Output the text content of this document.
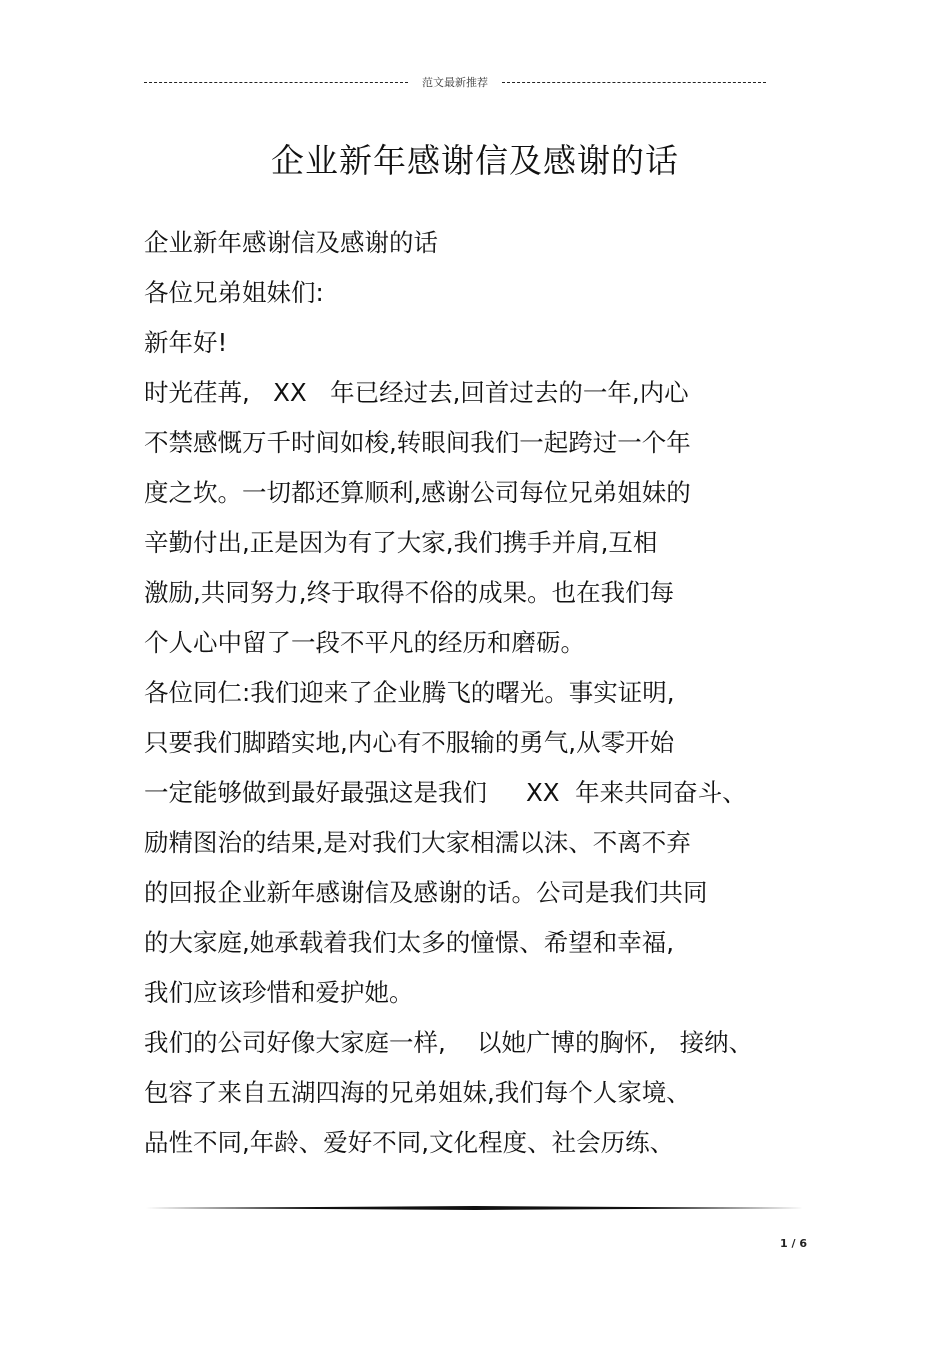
范文最新推荐
企业新年感谢信及感谢的话
企业新年感谢信及感谢的话
各位兄弟姐妹们:
新年好!
时光荏苒,   XX   年已经过去,回首过去的一年,内心
不禁感慨万千时间如梭,转眼间我们一起跨过一个年
度之坎。一切都还算顺利,感谢公司每位兄弟姐妹的
辛勤付出,正是因为有了大家,我们携手并肩,互相
激励,共同努力,终于取得不俗的成果。也在我们每
个人心中留了一段不平凡的经历和磨砺。
各位同仁:我们迎来了企业腾飞的曙光。事实证明,
只要我们脚踏实地,内心有不服输的勇气,从零开始
一定能够做到最好最强这是我们     XX  年来共同奋斗、
励精图治的结果,是对我们大家相濡以沫、不离不弃
的回报企业新年感谢信及感谢的话。公司是我们共同
的大家庭,她承载着我们太多的憧憬、希望和幸福,
我们应该珍惜和爱护她。
我们的公司好像大家庭一样,    以她广博的胸怀,   接纳、
包容了来自五湖四海的兄弟姐妹,我们每个人家境、
品性不同,年龄、爱好不同,文化程度、社会历练、
1 / 6
